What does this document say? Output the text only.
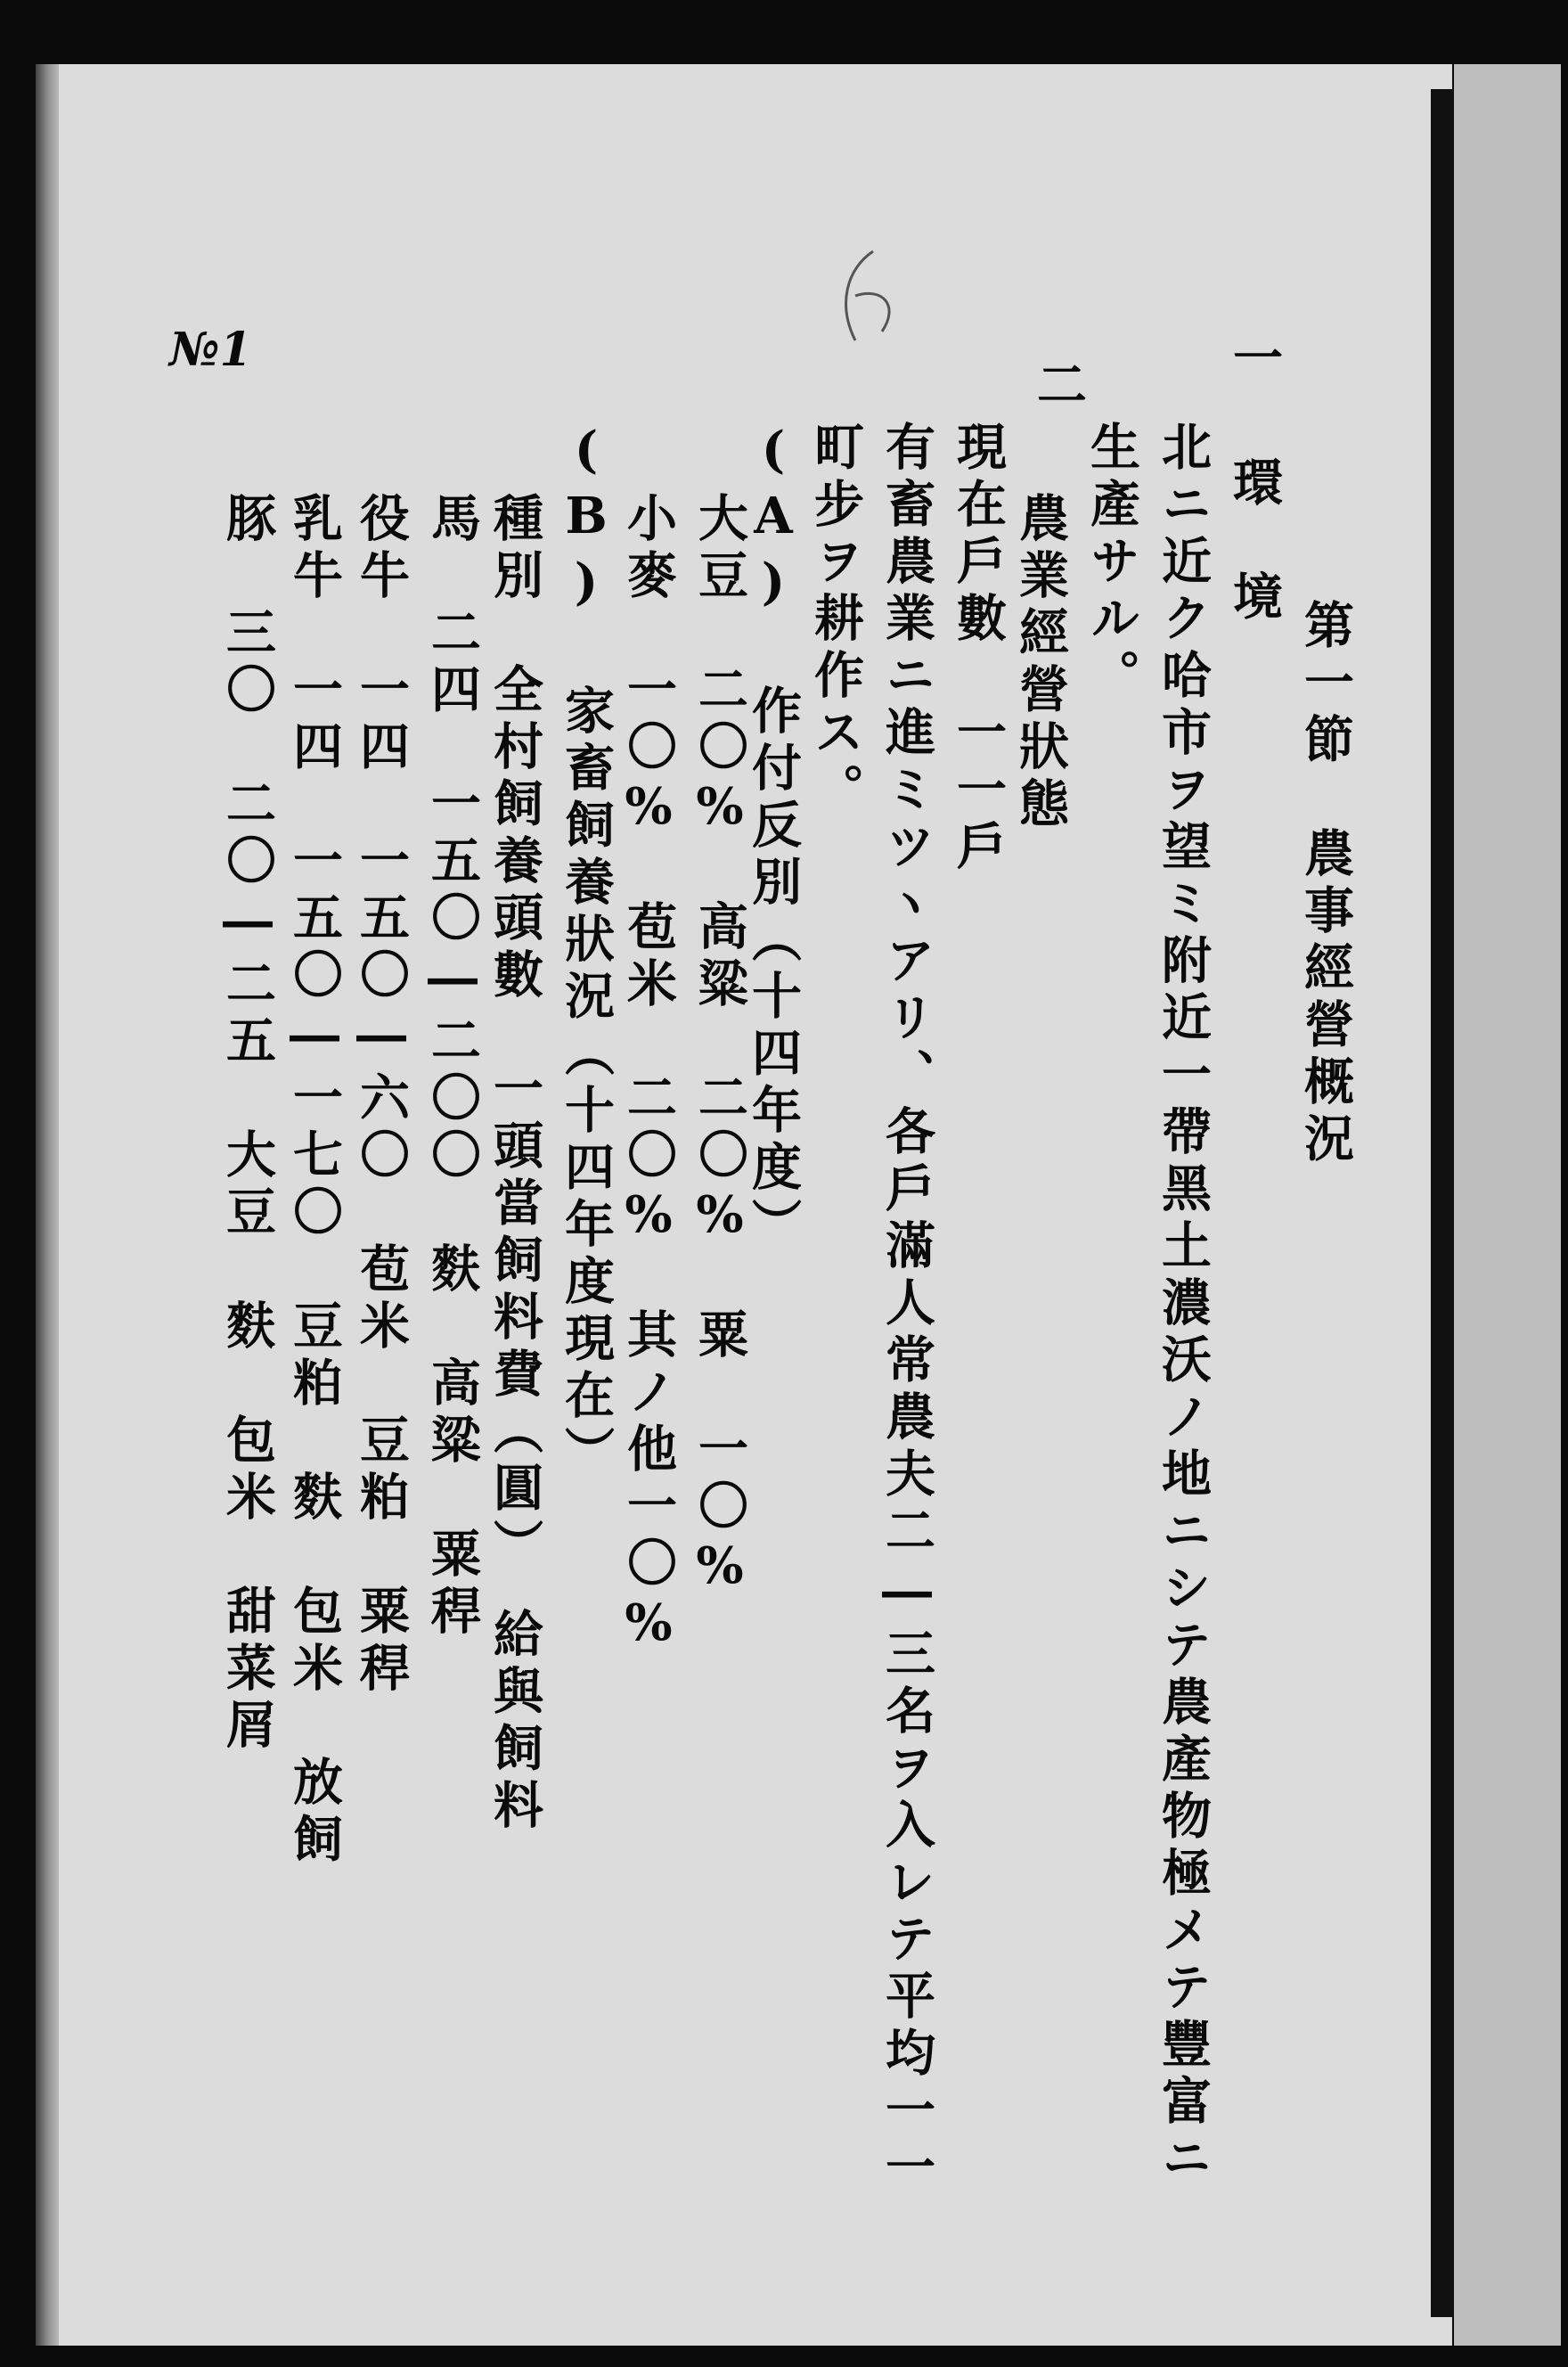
№1	一
第一節　農事經營概況
環　境
北ニ近ク哈市ヲ望ミ附近一帶黑土濃沃ノ地ニシテ農產物極メテ豐富ニ
生產サル。
二
農業經營狀態
現在戶數　一一戶
有畜農業ニ進ミツヽアリ、各戶滿人常農夫二―三名ヲ入レテ平均一一
町步ヲ耕作ス。
(A) 作付反別（十四年度）
大豆　二〇%　高粱　二〇%　粟　一〇%
小麥　一〇%　苞米　二〇%　其ノ他一〇%
(B) 家畜飼養狀況（十四年度現在）
種別　全村飼養頭數　一頭當飼料費（圓）　給與飼料
馬　二四　一五〇―二〇〇　麩　高粱　粟稈
役牛　一四　一五〇―六〇　苞米　豆粕　粟稈
乳牛　一四　一五〇―一七〇　豆粕　麩　包米　放飼
豚　三〇　二〇―二五　大豆　麩　包米　甜菜屑
